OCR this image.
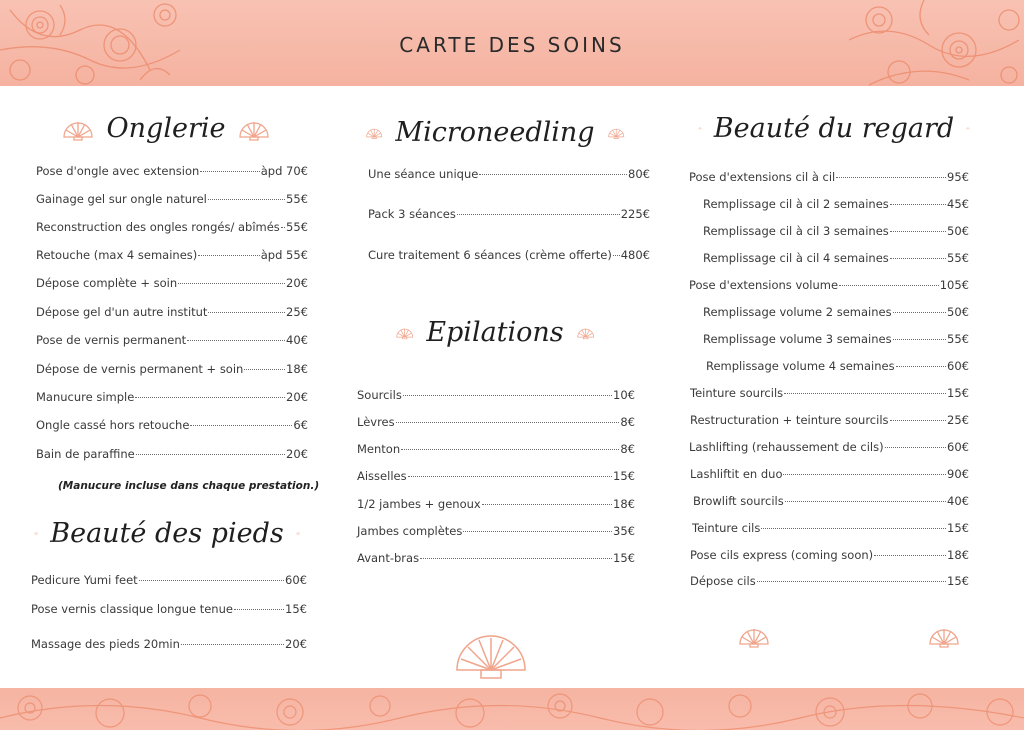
CARTE DES SOINS
Onglerie
Pose d'ongle avec extension	àpd 70€
Gainage gel sur ongle naturel	55€
Reconstruction des ongles rongés/ abîmés 55€
Retouche (max 4 semaines)	àpd 55€
Dépose complète + soin	20€
Dépose gel d'un autre institut	25€
Pose de vernis permanent	40€
Dépose de vernis permanent + soin	18€
Manucure simple	20€
Ongle cassé hors retouche	6€
Bain de paraffine	20€
(Manucure incluse dans chaque prestation.)
Beauté des pieds
Pedicure Yumi feet	60€
Pose vernis classique longue tenue	15€
Massage des pieds 20min	20€
Microneedling
Une séance unique	80€
Pack 3 séances	225€
Cure traitement 6 séances (crème offerte) 480€
Epilations
Sourcils	10€
Lèvres	8€
Menton	8€
Aisselles	15€
1/2 jambes + genoux	18€
Jambes complètes	35€
Avant-bras	15€
Beauté du regard
Pose d'extensions cil à cil	95€
Remplissage cil à cil 2 semaines	45€
Remplissage cil à cil 3 semaines	50€
Remplissage cil à cil 4 semaines	55€
Pose d'extensions volume	105€
Remplissage volume 2 semaines	50€
Remplissage volume 3 semaines	55€
Remplissage volume 4 semaines	60€
Teinture sourcils	15€
Restructuration + teinture sourcils	25€
Lashlifting (rehaussement de cils)	60€
Lashliftit en duo	90€
Browlift sourcils	40€
Teinture cils	15€
Pose cils express (coming soon)	18€
Dépose cils	15€
